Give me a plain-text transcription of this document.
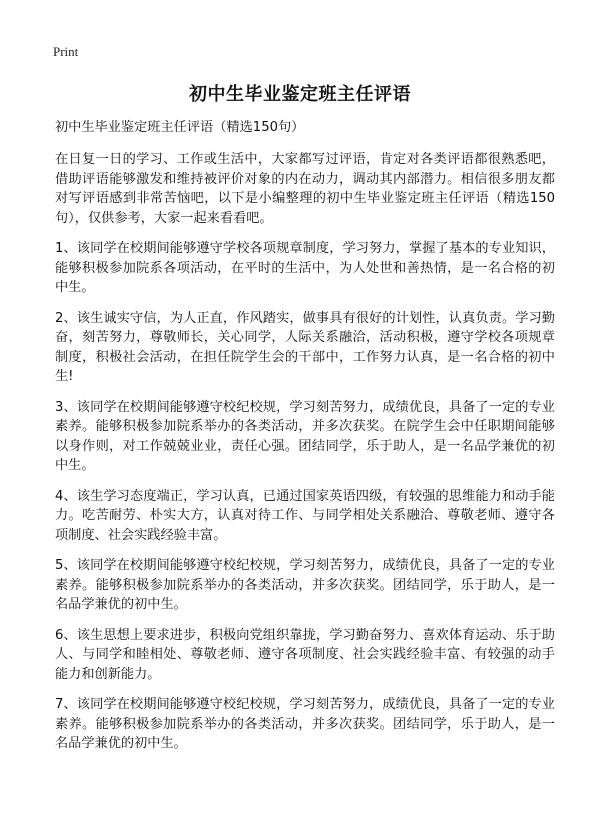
Print
初中生毕业鉴定班主任评语

初中生毕业鉴定班主任评语（精选150句）

在日复一日的学习、工作或生活中，大家都写过评语，肯定对各类评语都很熟悉吧，借助评语能够激发和维持被评价对象的内在动力，调动其内部潜力。相信很多朋友都对写评语感到非常苦恼吧，以下是小编整理的初中生毕业鉴定班主任评语（精选150句），仅供参考，大家一起来看看吧。

1、该同学在校期间能够遵守学校各项规章制度，学习努力，掌握了基本的专业知识，能够积极参加院系各项活动，在平时的生活中，为人处世和善热情，是一名合格的初中生。

2、该生诚实守信，为人正直，作风踏实，做事具有很好的计划性，认真负责。学习勤奋，刻苦努力，尊敬师长，关心同学，人际关系融洽，活动积极，遵守学校各项规章制度，积极社会活动，在担任院学生会的干部中，工作努力认真，是一名合格的初中生!

3、该同学在校期间能够遵守校纪校规，学习刻苦努力，成绩优良，具备了一定的专业素养。能够积极参加院系举办的各类活动，并多次获奖。在院学生会中任职期间能够以身作则，对工作兢兢业业，责任心强。团结同学，乐于助人，是一名品学兼优的初中生。

4、该生学习态度端正，学习认真，已通过国家英语四级，有较强的思维能力和动手能力。吃苦耐劳、朴实大方，认真对待工作、与同学相处关系融洽、尊敬老师、遵守各项制度、社会实践经验丰富。

5、该同学在校期间能够遵守校纪校规，学习刻苦努力，成绩优良，具备了一定的专业素养。能够积极参加院系举办的各类活动，并多次获奖。团结同学，乐于助人，是一名品学兼优的初中生。

6、该生思想上要求进步，积极向党组织靠拢，学习勤奋努力、喜欢体育运动、乐于助人、与同学和睦相处、尊敬老师、遵守各项制度、社会实践经验丰富、有较强的动手能力和创新能力。

7、该同学在校期间能够遵守校纪校规，学习刻苦努力，成绩优良，具备了一定的专业素养。能够积极参加院系举办的各类活动，并多次获奖。团结同学，乐于助人，是一名品学兼优的初中生。
